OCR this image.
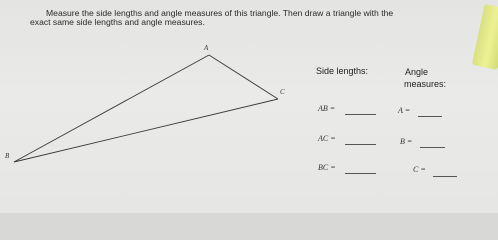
Measure the side lengths and angle measures of this triangle. Then draw a triangle with the
exact same side lengths and angle measures.
A
C
B
Side lengths:	Angle
measures:
AB =	A =
AC =	B =
BC =	C =
